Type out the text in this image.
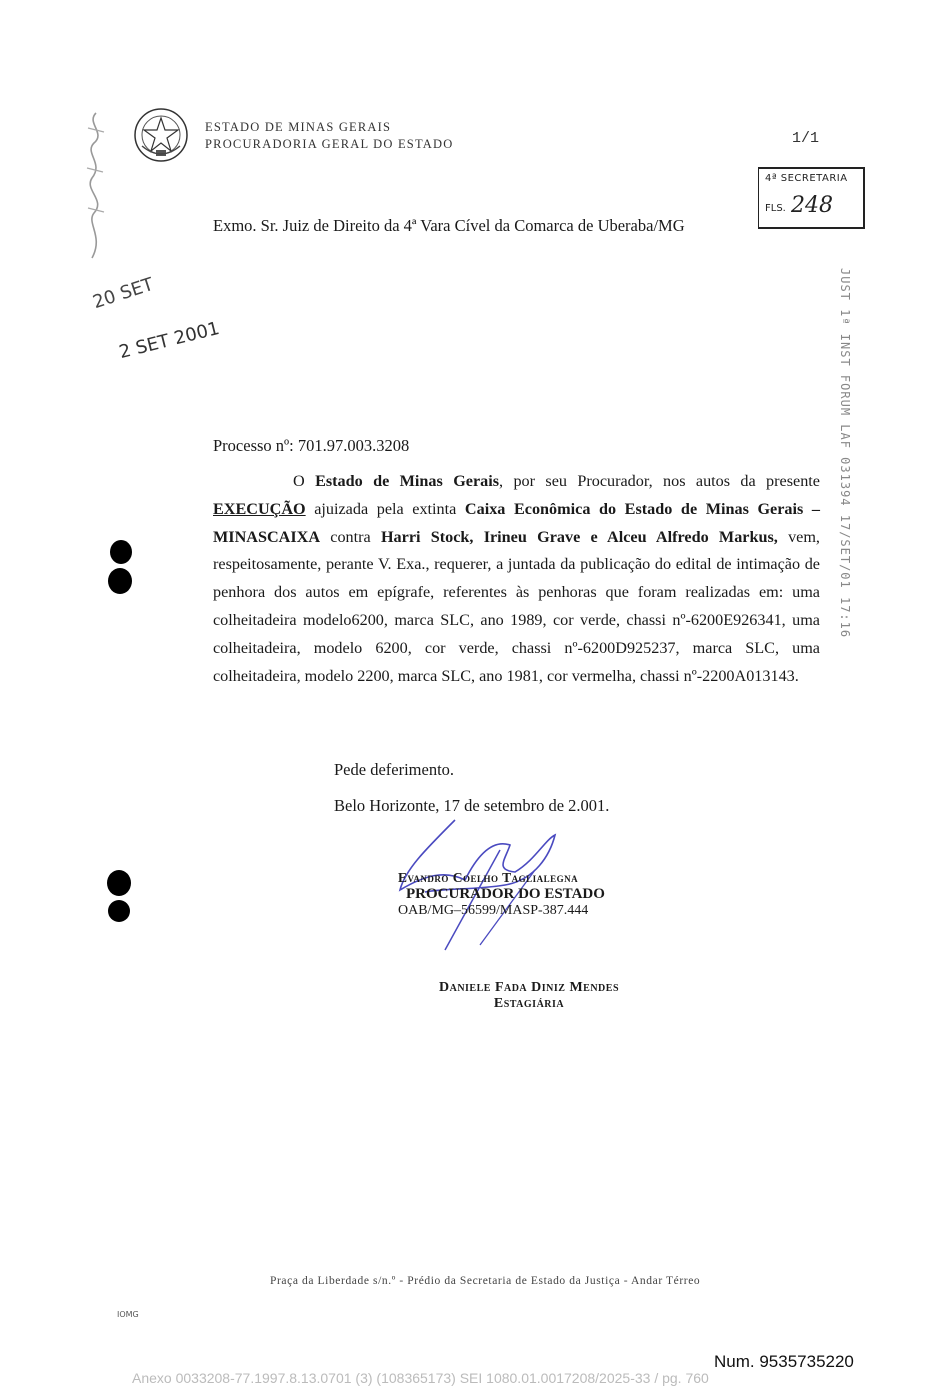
ESTADO DE MINAS GERAIS
PROCURADORIA GERAL DO ESTADO	1/1
4ª SECRETARIA
FLS. 248
Exmo. Sr. Juiz de Direito da 4ª Vara Cível da Comarca de Uberaba/MG
JUST 1ª INST FORUM LAF 031394 17/SET/01 17:16
20 SET
2 SET 2001
Processo nº: 701.97.003.3208
O Estado de Minas Gerais, por seu Procurador, nos autos da presente EXECUÇÃO ajuizada pela extinta Caixa Econômica do Estado de Minas Gerais – MINASCAIXA contra Harri Stock, Irineu Grave e Alceu Alfredo Markus, vem, respeitosamente, perante V. Exa., requerer, a juntada da publicação do edital de intimação de penhora dos autos em epígrafe, referentes às penhoras que foram realizadas em: uma colheitadeira modelo6200, marca SLC, ano 1989, cor verde, chassi nº-6200E926341, uma colheitadeira, modelo 6200, cor verde, chassi nº-6200D925237, marca SLC, uma colheitadeira, modelo 2200, marca SLC, ano 1981, cor vermelha, chassi nº-2200A013143.
Pede deferimento.
Belo Horizonte, 17 de setembro de 2.001.
Evandro Coelho Taglialegna
PROCURADOR DO ESTADO
OAB/MG–56599/MASP-387.444
Daniele Fada Diniz Mendes
Estagiária
Praça da Liberdade s/n.º - Prédio da Secretaria de Estado da Justiça - Andar Térreo
IOMG
Num. 9535735220
Anexo 0033208-77.1997.8.13.0701 (3) (108365173) SEI 1080.01.0017208/2025-33 / pg. 760
